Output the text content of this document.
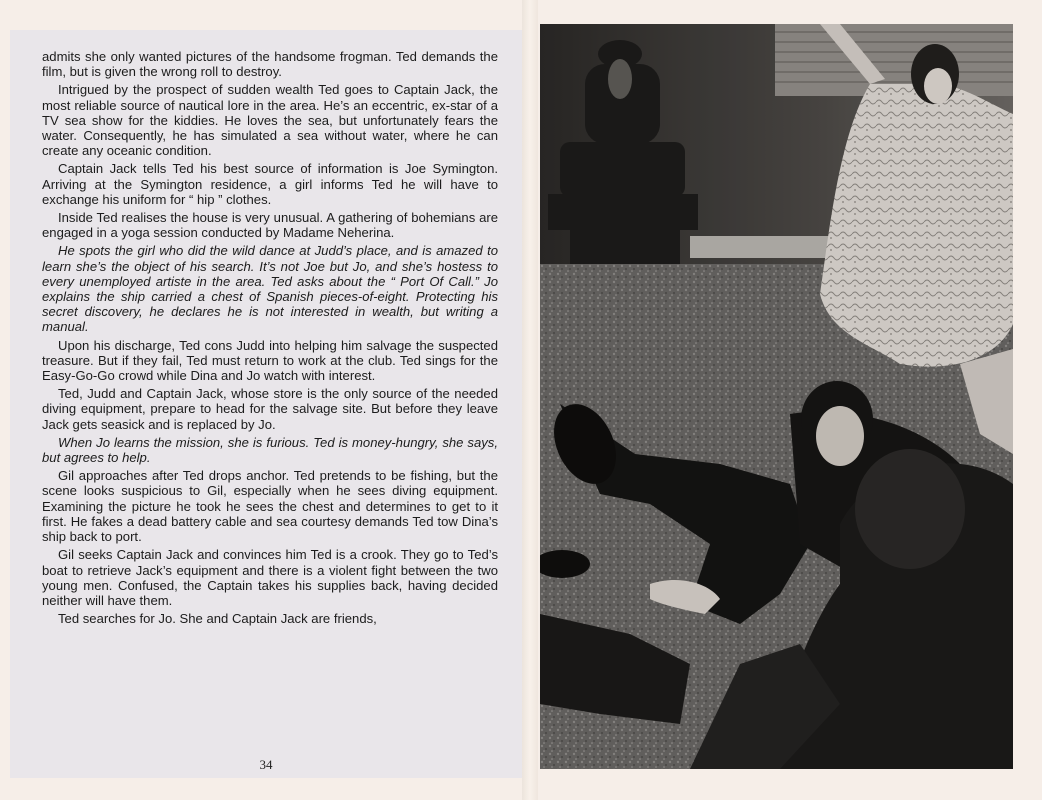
admits she only wanted pictures of the handsome frogman. Ted demands the film, but is given the wrong roll to destroy.

Intrigued by the prospect of sudden wealth Ted goes to Captain Jack, the most reliable source of nautical lore in the area. He’s an eccentric, ex-star of a TV sea show for the kiddies. He loves the sea, but unfortunately fears the water. Consequently, he has simulated a sea without water, where he can create any oceanic condition.

Captain Jack tells Ted his best source of information is Joe Symington. Arriving at the Symington residence, a girl informs Ted he will have to exchange his uniform for “ hip ” clothes.

Inside Ted realises the house is very unusual. A gathering of bohemians are engaged in a yoga session conducted by Madame Neherina.

He spots the girl who did the wild dance at Judd’s place, and is amazed to learn she’s the object of his search. It’s not Joe but Jo, and she’s hostess to every unemployed artiste in the area. Ted asks about the “ Port Of Call.” Jo explains the ship carried a chest of Spanish pieces-of-eight. Protecting his secret discovery, he declares he is not interested in wealth, but writing a manual.

Upon his discharge, Ted cons Judd into helping him salvage the suspected treasure. But if they fail, Ted must return to work at the club. Ted sings for the Easy-Go-Go crowd while Dina and Jo watch with interest.

Ted, Judd and Captain Jack, whose store is the only source of the needed diving equipment, prepare to head for the salvage site. But before they leave Jack gets seasick and is replaced by Jo.

When Jo learns the mission, she is furious. Ted is money-hungry, she says, but agrees to help.

Gil approaches after Ted drops anchor. Ted pretends to be fishing, but the scene looks suspicious to Gil, especially when he sees diving equipment. Examining the picture he took he sees the chest and determines to get to it first. He fakes a dead battery cable and sea courtesy demands Ted tow Dina’s ship back to port.

Gil seeks Captain Jack and convinces him Ted is a crook. They go to Ted’s boat to retrieve Jack’s equipment and there is a violent fight between the two young men. Confused, the Captain takes his supplies back, having decided neither will have them.

Ted searches for Jo. She and Captain Jack are friends,

34
